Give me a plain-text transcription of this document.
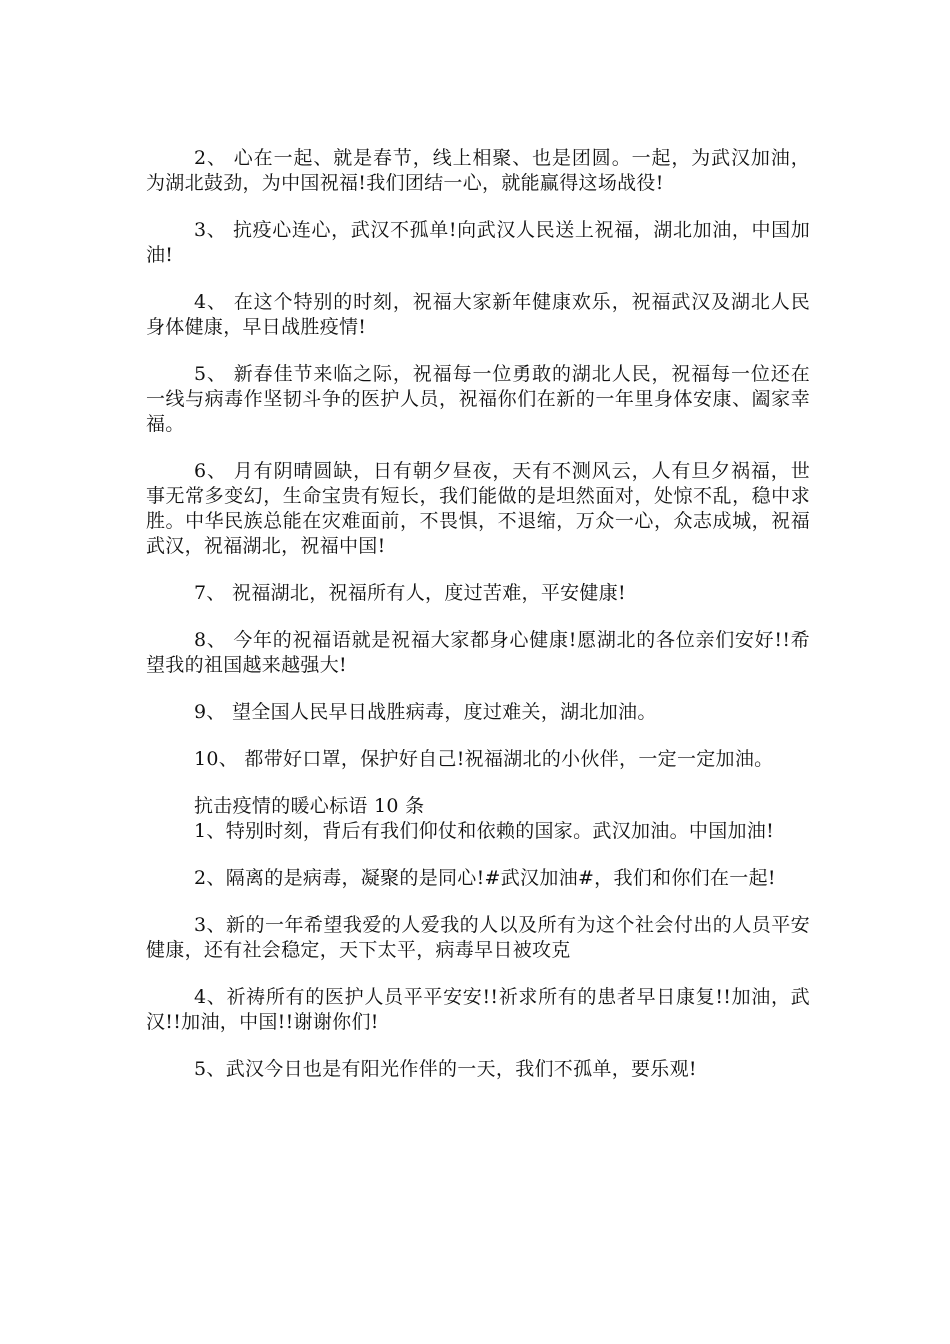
2、 心在一起、就是春节，线上相聚、也是团圆。一起，为武汉加油，为湖北鼓劲，为中国祝福!我们团结一心，就能赢得这场战役!

3、 抗疫心连心，武汉不孤单!向武汉人民送上祝福，湖北加油，中国加油!

4、 在这个特别的时刻，祝福大家新年健康欢乐，祝福武汉及湖北人民身体健康，早日战胜疫情!

5、 新春佳节来临之际，祝福每一位勇敢的湖北人民，祝福每一位还在一线与病毒作坚韧斗争的医护人员，祝福你们在新的一年里身体安康、阖家幸福。

6、 月有阴晴圆缺，日有朝夕昼夜，天有不测风云，人有旦夕祸福，世事无常多变幻，生命宝贵有短长，我们能做的是坦然面对，处惊不乱，稳中求胜。中华民族总能在灾难面前，不畏惧，不退缩，万众一心，众志成城，祝福武汉，祝福湖北，祝福中国!

7、 祝福湖北，祝福所有人，度过苦难，平安健康!

8、 今年的祝福语就是祝福大家都身心健康!愿湖北的各位亲们安好!!希望我的祖国越来越强大!

9、 望全国人民早日战胜病毒，度过难关，湖北加油。

10、 都带好口罩，保护好自己!祝福湖北的小伙伴，一定一定加油。

抗击疫情的暖心标语 10 条

1、特别时刻，背后有我们仰仗和依赖的国家。武汉加油。中国加油!

2、隔离的是病毒，凝聚的是同心!#武汉加油#，我们和你们在一起!

3、新的一年希望我爱的人爱我的人以及所有为这个社会付出的人员平安健康，还有社会稳定，天下太平，病毒早日被攻克

4、祈祷所有的医护人员平平安安!!祈求所有的患者早日康复!!加油，武汉!!加油，中国!!谢谢你们!

5、武汉今日也是有阳光作伴的一天，我们不孤单，要乐观!
